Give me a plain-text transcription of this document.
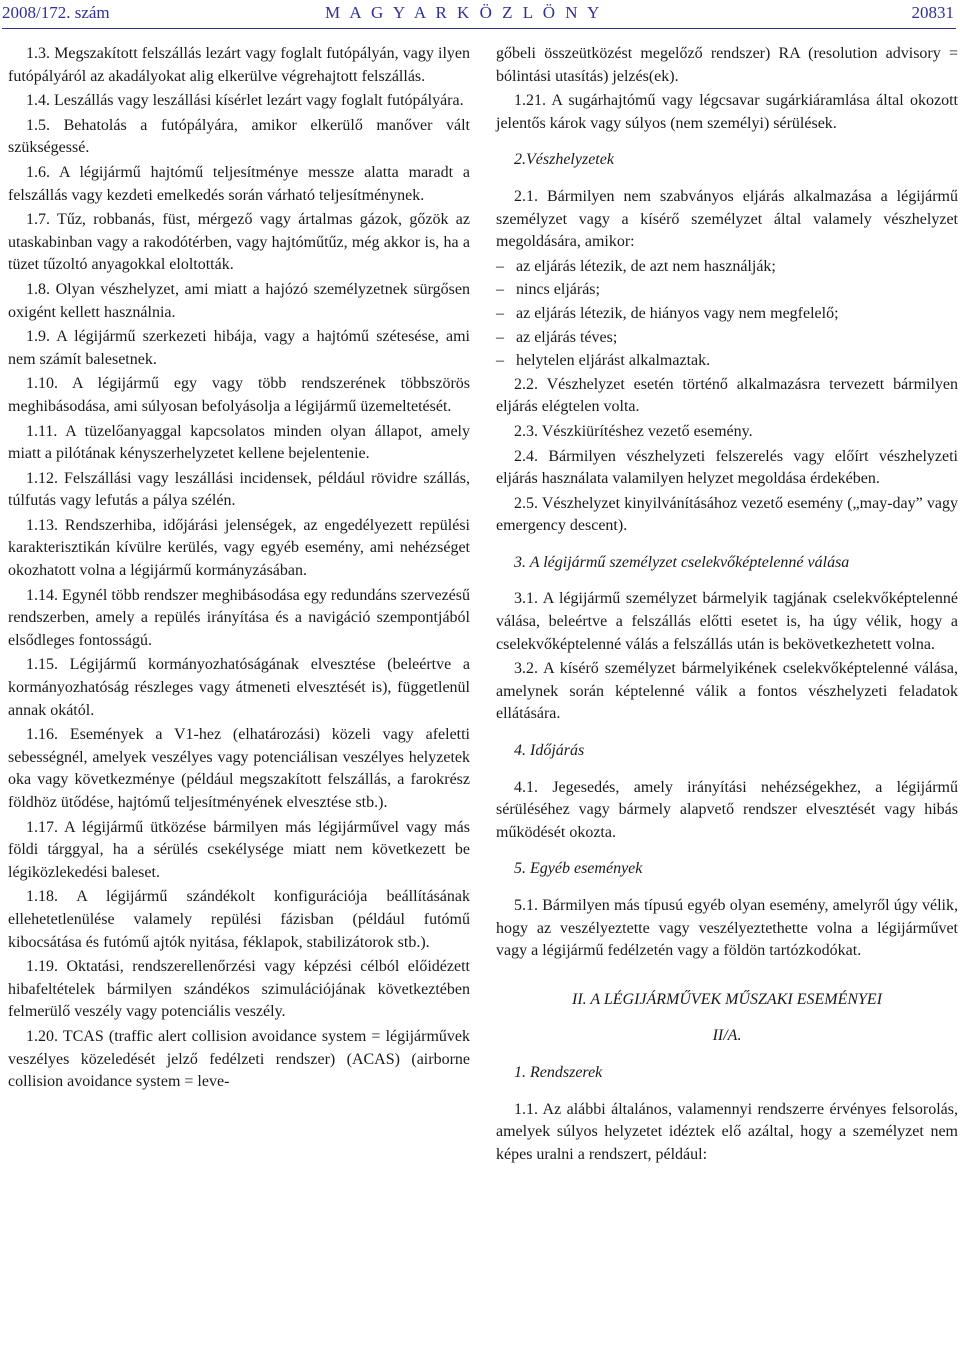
2008/172. szám	M A G Y A R K Ö Z L Ö N Y	20831

1.3. Megszakított felszállás lezárt vagy foglalt futópályán, vagy ilyen futópályáról az akadályokat alig elkerülve végrehajtott felszállás.

1.4. Leszállás vagy leszállási kísérlet lezárt vagy foglalt futópályára.

1.5. Behatolás a futópályára, amikor elkerülő manőver vált szükségessé.

1.6. A légijármű hajtómű teljesítménye messze alatta maradt a felszállás vagy kezdeti emelkedés során várható teljesítménynek.

1.7. Tűz, robbanás, füst, mérgező vagy ártalmas gázok, gőzök az utaskabinban vagy a rakodótérben, vagy hajtóműtűz, még akkor is, ha a tüzet tűzoltó anyagokkal eloltották.

1.8. Olyan vészhelyzet, ami miatt a hajózó személyzetnek sürgősen oxigént kellett használnia.

1.9. A légijármű szerkezeti hibája, vagy a hajtómű szétesése, ami nem számít balesetnek.

1.10. A légijármű egy vagy több rendszerének többszörös meghibásodása, ami súlyosan befolyásolja a légijármű üzemeltetését.

1.11. A tüzelőanyaggal kapcsolatos minden olyan állapot, amely miatt a pilótának kényszerhelyzetet kellene bejelentenie.

1.12. Felszállási vagy leszállási incidensek, például rövidre szállás, túlfutás vagy lefutás a pálya szélén.

1.13. Rendszerhiba, időjárási jelenségek, az engedélyezett repülési karakterisztikán kívülre kerülés, vagy egyéb esemény, ami nehézséget okozhatott volna a légijármű kormányzásában.

1.14. Egynél több rendszer meghibásodása egy redundáns szervezésű rendszerben, amely a repülés irányítása és a navigáció szempontjából elsődleges fontosságú.

1.15. Légijármű kormányozhatóságának elvesztése (beleértve a kormányozhatóság részleges vagy átmeneti elvesztését is), függetlenül annak okától.

1.16. Események a V1-hez (elhatározási) közeli vagy afeletti sebességnél, amelyek veszélyes vagy potenciálisan veszélyes helyzetek oka vagy következménye (például megszakított felszállás, a farokrész földhöz ütődése, hajtómű teljesítményének elvesztése stb.).

1.17. A légijármű ütközése bármilyen más légijárművel vagy más földi tárggyal, ha a sérülés csekélysége miatt nem következett be légiközlekedési baleset.

1.18. A légijármű szándékolt konfigurációja beállításának ellehetetlenülése valamely repülési fázisban (például futómű kibocsátása és futómű ajtók nyitása, féklapok, stabilizátorok stb.).

1.19. Oktatási, rendszerellenőrzési vagy képzési célból előidézett hibafeltételek bármilyen szándékos szimulációjának következtében felmerülő veszély vagy potenciális veszély.

1.20. TCAS (traffic alert collision avoidance system = légijárművek veszélyes közeledését jelző fedélzeti rendszer) (ACAS) (airborne collision avoidance system = leve-

gőbeli összeütközést megelőző rendszer) RA (resolution advisory = bólintási utasítás) jelzés(ek).

1.21. A sugárhajtómű vagy légcsavar sugárkiáramlása által okozott jelentős károk vagy súlyos (nem személyi) sérülések.

2.Vészhelyzetek

2.1. Bármilyen nem szabványos eljárás alkalmazása a légijármű személyzet vagy a kísérő személyzet által valamely vészhelyzet megoldására, amikor:

– az eljárás létezik, de azt nem használják;

– nincs eljárás;

– az eljárás létezik, de hiányos vagy nem megfelelő;

– az eljárás téves;

– helytelen eljárást alkalmaztak.

2.2. Vészhelyzet esetén történő alkalmazásra tervezett bármilyen eljárás elégtelen volta.

2.3. Vészkiürítéshez vezető esemény.

2.4. Bármilyen vészhelyzeti felszerelés vagy előírt vészhelyzeti eljárás használata valamilyen helyzet megoldása érdekében.

2.5. Vészhelyzet kinyilvánításához vezető esemény („may-day” vagy emergency descent).

3. A légijármű személyzet cselekvőképtelenné válása

3.1. A légijármű személyzet bármelyik tagjának cselekvőképtelenné válása, beleértve a felszállás előtti esetet is, ha úgy vélik, hogy a cselekvőképtelenné válás a felszállás után is bekövetkezhetett volna.

3.2. A kísérő személyzet bármelyikének cselekvőképtelenné válása, amelynek során képtelenné válik a fontos vészhelyzeti feladatok ellátására.

4. Időjárás

4.1. Jegesedés, amely irányítási nehézségekhez, a légijármű sérüléséhez vagy bármely alapvető rendszer elvesztését vagy hibás működését okozta.

5. Egyéb események

5.1. Bármilyen más típusú egyéb olyan esemény, amelyről úgy vélik, hogy az veszélyeztette vagy veszélyeztethette volna a légijárművet vagy a légijármű fedélzetén vagy a földön tartózkodókat.

II. A LÉGIJÁRMŰVEK MŰSZAKI ESEMÉNYEI
II/A.
1. Rendszerek

1.1. Az alábbi általános, valamennyi rendszerre érvényes felsorolás, amelyek súlyos helyzetet idéztek elő azáltal, hogy a személyzet nem képes uralni a rendszert, például:
